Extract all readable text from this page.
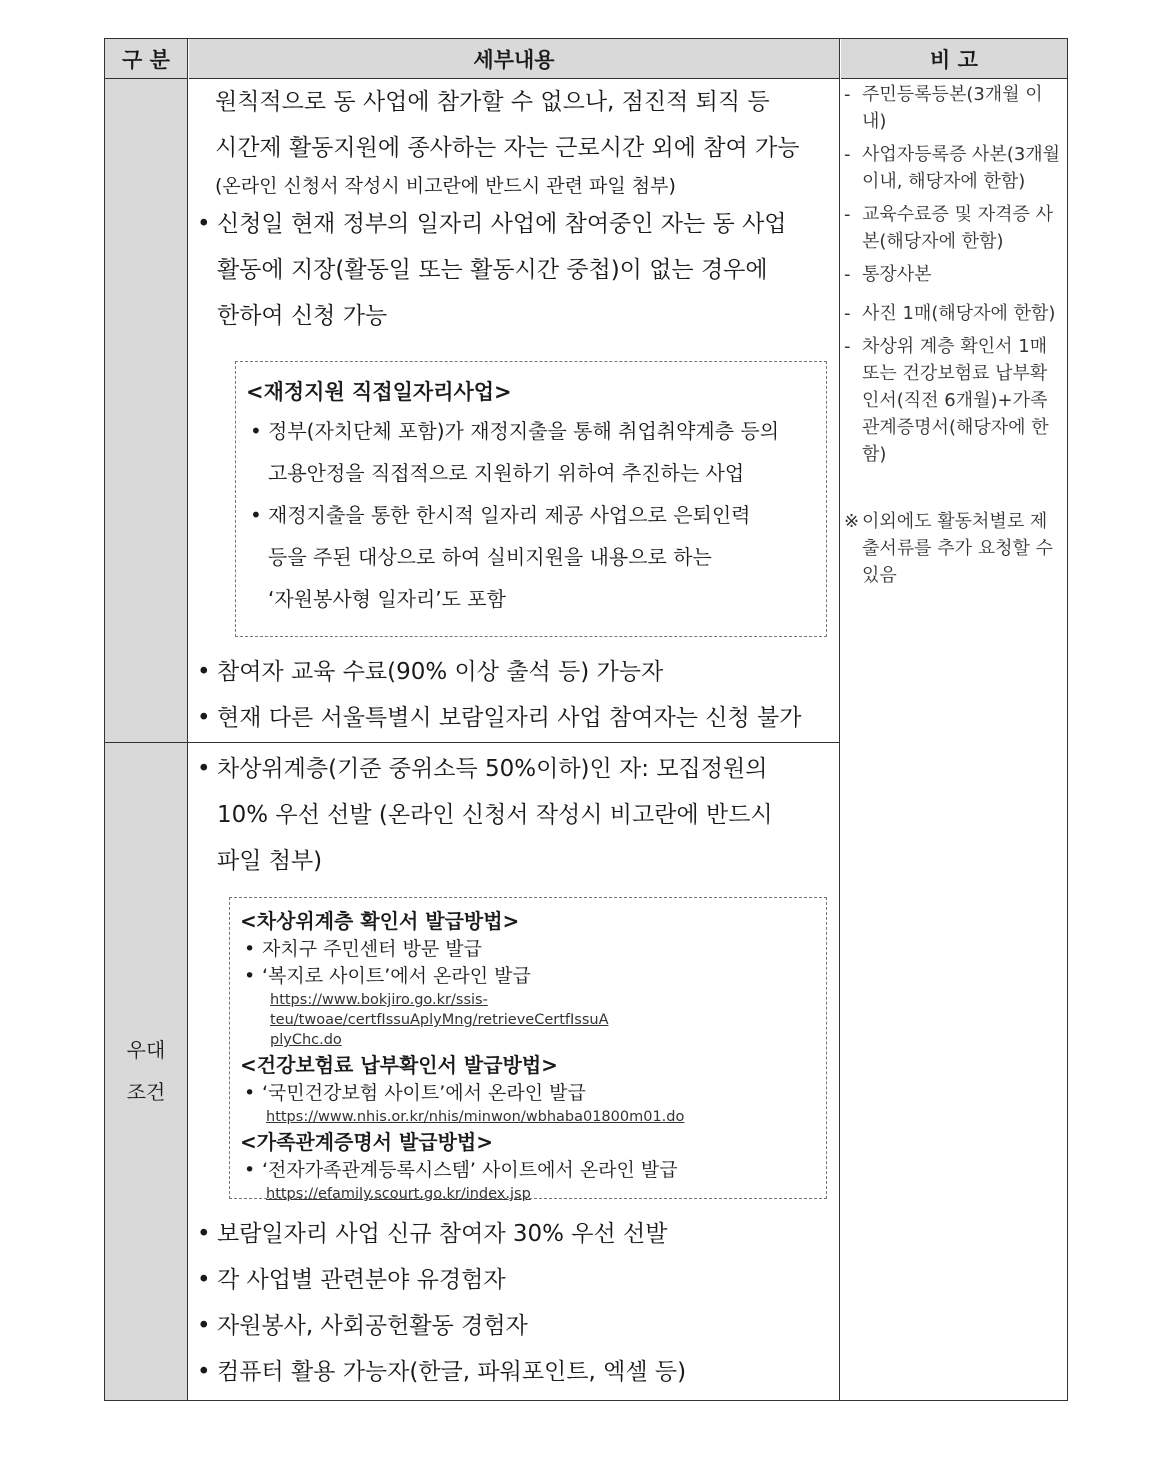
구 분	세부내용	비 고
우대
조건

원칙적으로 동 사업에 참가할 수 없으나, 점진적 퇴직 등

시간제 활동지원에 종사하는 자는 근로시간 외에 참여 가능

(온라인 신청서 작성시 비고란에 반드시 관련 파일 첨부)

• 신청일 현재 정부의 일자리 사업에 참여중인 자는 동 사업
활동에 지장(활동일 또는 활동시간 중첩)이 없는 경우에
한하여 신청 가능
<재정지원 직접일자리사업>
• 정부(자치단체 포함)가 재정지출을 통해 취업취약계층 등의
고용안정을 직접적으로 지원하기 위하여 추진하는 사업
• 재정지출을 통한 한시적 일자리 제공 사업으로 은퇴인력
등을 주된 대상으로 하여 실비지원을 내용으로 하는
‘자원봉사형 일자리’도 포함
• 참여자 교육 수료(90% 이상 출석 등) 가능자
• 현재 다른 서울특별시 보람일자리 사업 참여자는 신청 불가
• 차상위계층(기준 중위소득 50%이하)인 자: 모집정원의
10% 우선 선발 (온라인 신청서 작성시 비고란에 반드시
파일 첨부)
<차상위계층 확인서 발급방법>
• 자치구 주민센터 방문 발급
• ‘복지로 사이트’에서 온라인 발급
https://www.bokjiro.go.kr/ssis-teu/twoae/certfIssuAplyMng/retrieveCertfIssuA
plyChc.do
<건강보험료 납부확인서 발급방법>
• ‘국민건강보험 사이트’에서 온라인 발급
https://www.nhis.or.kr/nhis/minwon/wbhaba01800m01.do
<가족관계증명서 발급방법>
• ‘전자가족관계등록시스템’ 사이트에서 온라인 발급
https://efamily.scourt.go.kr/index.jsp
• 보람일자리 사업 신규 참여자 30% 우선 선발
• 각 사업별 관련분야 유경험자
• 자원봉사, 사회공헌활동 경험자
• 컴퓨터 활용 가능자(한글, 파워포인트, 엑셀 등)
- 주민등록등본(3개월 이내)
- 사업자등록증 사본(3개월 이내, 해당자에 한함)
- 교육수료증 및 자격증 사본(해당자에 한함)
- 통장사본
- 사진 1매(해당자에 한함)
- 차상위 계층 확인서 1매 또는 건강보험료 납부확인서(직전 6개월)+가족관계증명서(해당자에 한함)
※ 이외에도 활동처별로 제출서류를 추가 요청할 수 있음
